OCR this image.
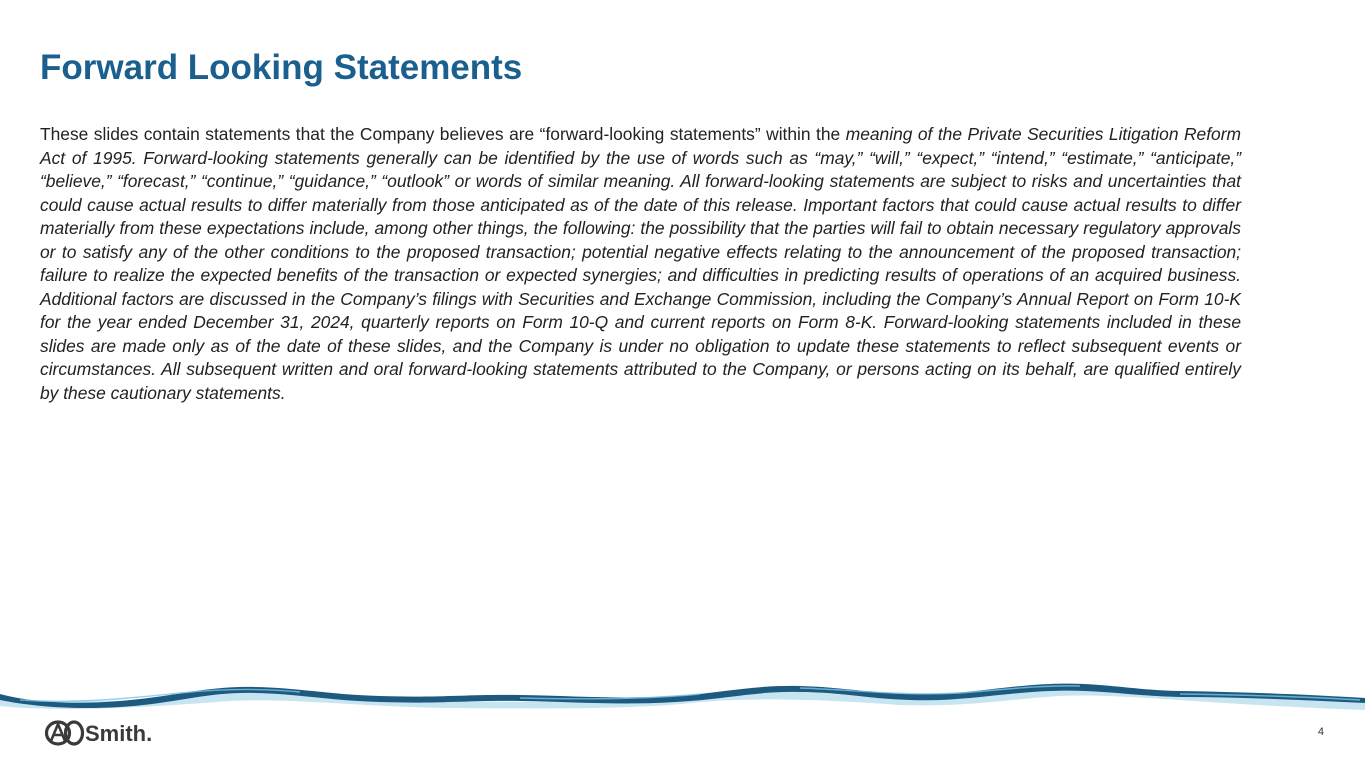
Forward Looking Statements

These slides contain statements that the Company believes are “forward-looking statements” within the meaning of the Private Securities Litigation Reform Act of 1995. Forward-looking statements generally can be identified by the use of words such as “may,” “will,” “expect,” “intend,” “estimate,” “anticipate,” “believe,” “forecast,” “continue,” “guidance,” “outlook” or words of similar meaning. All forward-looking statements are subject to risks and uncertainties that could cause actual results to differ materially from those anticipated as of the date of this release. Important factors that could cause actual results to differ materially from these expectations include, among other things, the following: the possibility that the parties will fail to obtain necessary regulatory approvals or to satisfy any of the other conditions to the proposed transaction; potential negative effects relating to the announcement of the proposed transaction; failure to realize the expected benefits of the transaction or expected synergies; and difficulties in predicting results of operations of an acquired business. Additional factors are discussed in the Company’s filings with Securities and Exchange Commission, including the Company’s Annual Report on Form 10-K for the year ended December 31, 2024, quarterly reports on Form 10-Q and current reports on Form 8-K. Forward-looking statements included in these slides are made only as of the date of these slides, and the Company is under no obligation to update these statements to reflect subsequent events or circumstances. All subsequent written and oral forward-looking statements attributed to the Company, or persons acting on its behalf, are qualified entirely by these cautionary statements.

Smith.	4
